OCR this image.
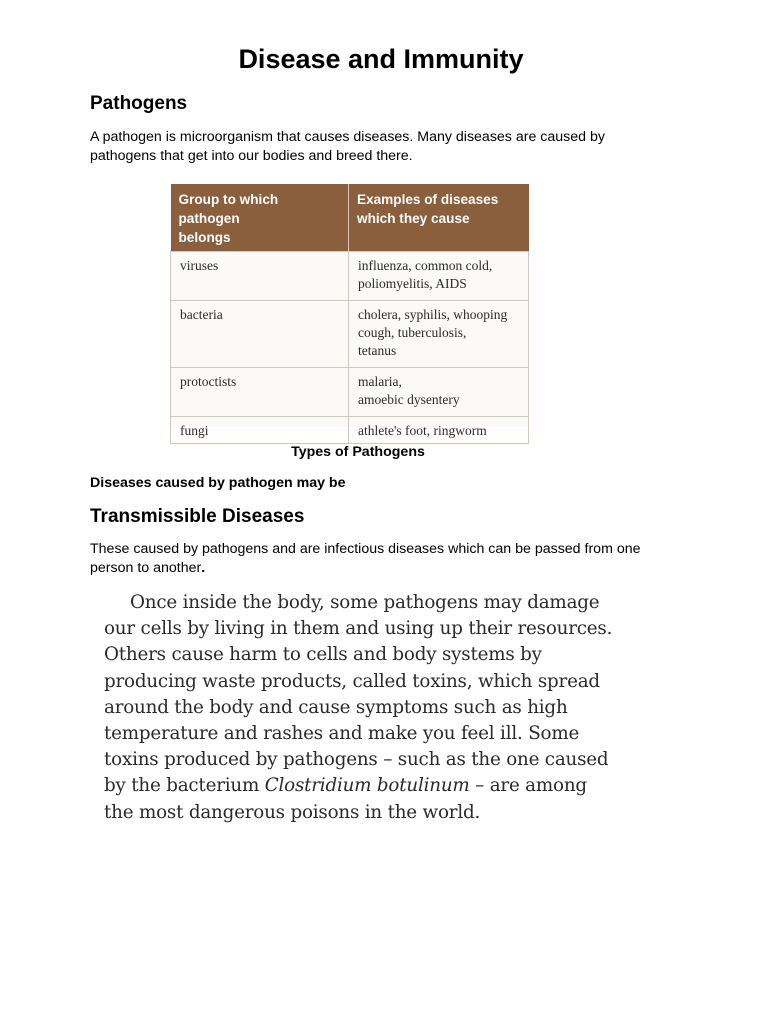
Disease and Immunity
Pathogens

A pathogen is microorganism that causes diseases. Many diseases are caused by
pathogens that get into our bodies and breed there.

Group to which pathogen
belongs	Examples of diseases
which they cause
viruses	influenza, common cold,
poliomyelitis, AIDS
bacteria	cholera, syphilis, whooping
cough, tuberculosis,
tetanus
protoctists	malaria,
amoebic dysentery
fungi	athlete's foot, ringworm

Types of Pathogens

Diseases caused by pathogen may be

Transmissible Diseases

These caused by pathogens and are infectious diseases which can be passed from one
person to another.

Once inside the body, some pathogens may damage
our cells by living in them and using up their resources.
Others cause harm to cells and body systems by
producing waste products, called toxins, which spread
around the body and cause symptoms such as high
temperature and rashes and make you feel ill. Some
toxins produced by pathogens – such as the one caused
by the bacterium Clostridium botulinum – are among
the most dangerous poisons in the world.
